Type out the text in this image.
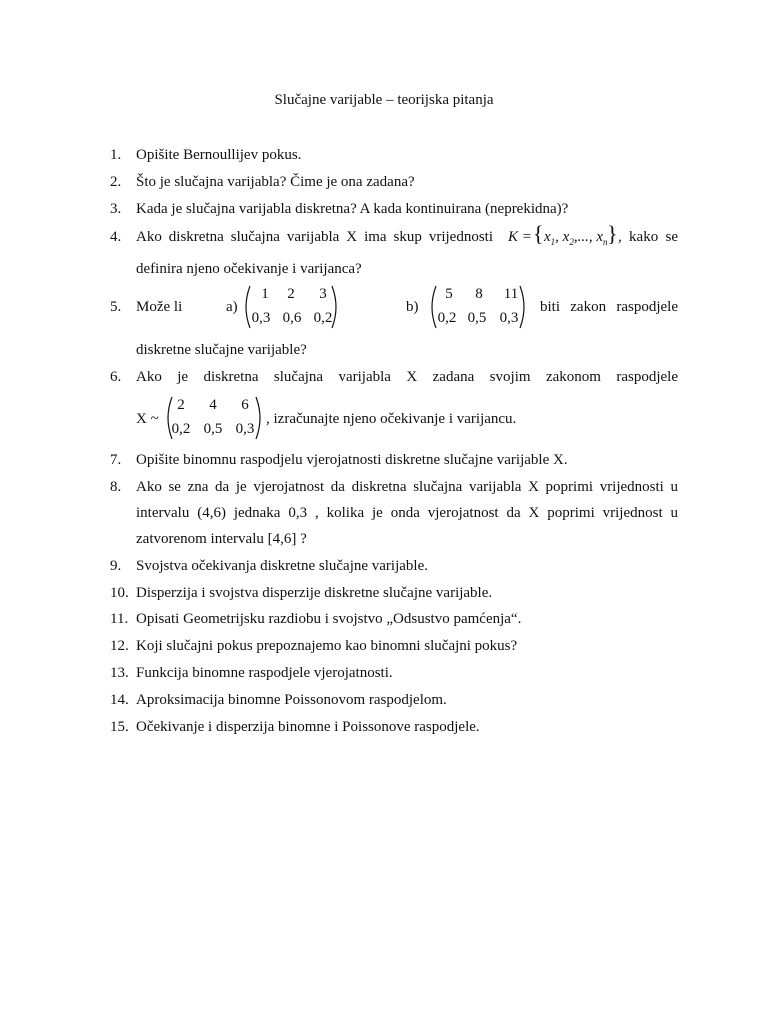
Slučajne varijable – teorijska pitanja
1. Opišite Bernoullijev pokus.
2. Što je slučajna varijabla? Čime je ona zadana?
3. Kada je slučajna varijabla diskretna? A kada kontinuirana (neprekidna)?
4. Ako diskretna slučajna varijabla X ima skup vrijednosti K = { $x_1$, $x_2$,..., $x_n$ } , kako se
definira njeno očekivanje i varijanca?
5. Može li	a)	b)	biti zakon raspodjele
1	2	3
0,3 0,6 0,2
5	8	11
0,2 0,5 0,3
diskretne slučajne varijable?
6. Ako je diskretna slučajna varijabla X zadana svojim zakonom raspodjele
X ~	, izračunajte njeno očekivanje i varijancu.
2	4	6
0,2 0,5 0,3
7. Opišite binomnu raspodjelu vjerojatnosti diskretne slučajne varijable X.
8. Ako se zna da je vjerojatnost da diskretna slučajna varijabla X poprimi vrijednosti u
intervalu (4,6) jednaka 0,3 , kolika je onda vjerojatnost da X poprimi vrijednost u
zatvorenom intervalu [4,6] ?
9. Svojstva očekivanja diskretne slučajne varijable.
10. Disperzija i svojstva disperzije diskretne slučajne varijable.
11. Opisati Geometrijsku razdiobu i svojstvo „Odsustvo pamćenja“.
12. Koji slučajni pokus prepoznajemo kao binomni slučajni pokus?
13. Funkcija binomne raspodjele vjerojatnosti.
14. Aproksimacija binomne Poissonovom raspodjelom.
15. Očekivanje i disperzija binomne i Poissonove raspodjele.
